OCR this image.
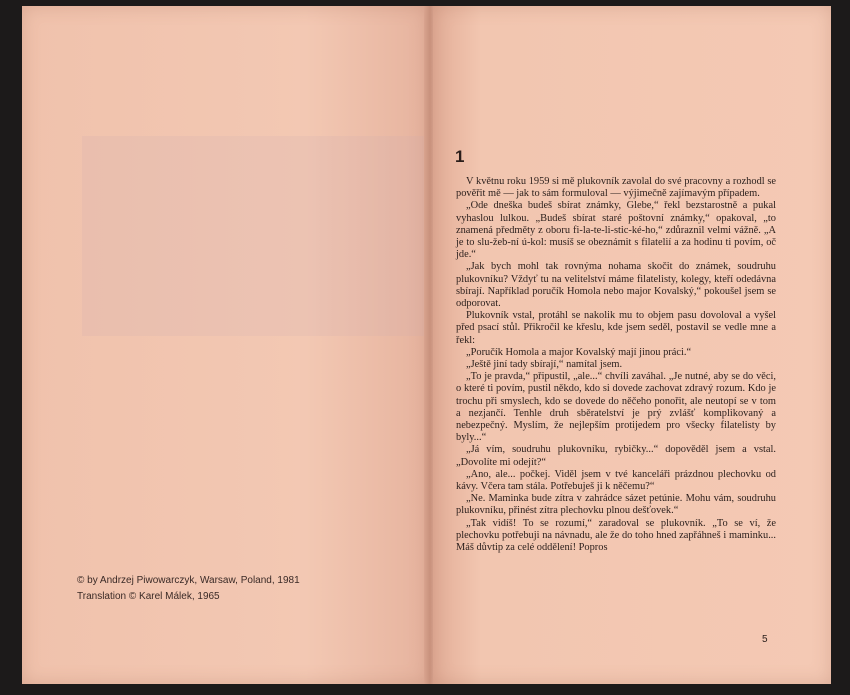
© by Andrzej Piwowarczyk, Warsaw, Poland, 1981
Translation © Karel Málek, 1965
1

V květnu roku 1959 si mě plukovník zavolal do své pracovny a rozhodl se pověřit mě — jak to sám formuloval — výjimečně zajímavým případem.

„Ode dneška budeš sbírat známky, Glebe,“ řekl bezstarostně a pukal vyhaslou lulkou. „Budeš sbírat staré poštovní známky,“ opakoval, „to znamená předměty z oboru fi-la-te-li-stic-ké-ho,“ zdůraznil velmi vážně. „A je to slu-žeb-ní ú-kol: musíš se obeznámit s filatelií a za hodinu ti povím, oč jde.“

„Jak bych mohl tak rovnýma nohama skočit do známek, soudruhu plukovníku? Vždyť tu na velitelství máme filatelisty, kolegy, kteří odedávna sbírají. Například poručík Homola nebo major Kovalský,“ pokoušel jsem se odporovat.

Plukovník vstal, protáhl se nakolik mu to objem pasu dovoloval a vyšel před psací stůl. Přikročil ke křeslu, kde jsem seděl, postavil se vedle mne a řekl:

„Poručík Homola a major Kovalský mají jinou práci.“

„Ještě jiní tady sbírají,“ namítal jsem.

„To je pravda,“ připustil, „ale...“ chvíli zaváhal. „Je nutné, aby se do věci, o které ti povím, pustil někdo, kdo si dovede zachovat zdravý rozum. Kdo je trochu při smyslech, kdo se dovede do něčeho ponořit, ale neutopí se v tom a nezjančí. Tenhle druh sběratelství je prý zvlášť komplikovaný a nebezpečný. Myslím, že nejlepším protijedem pro všecky filatelisty by byly...“

„Já vím, soudruhu plukovníku, rybičky...“ dopověděl jsem a vstal. „Dovolíte mi odejít?“

„Ano, ale... počkej. Viděl jsem v tvé kanceláři prázdnou plechovku od kávy. Včera tam stála. Potřebuješ ji k něčemu?“

„Ne. Maminka bude zítra v zahrádce sázet petúnie. Mohu vám, soudruhu plukovníku, přinést zítra plechovku plnou dešťovek.“

„Tak vidíš! To se rozumí,“ zaradoval se plukovník. „To se ví, že plechovku potřebuji na návnadu, ale že do toho hned zapřáhneš i maminku... Máš důvtip za celé oddělení! Popros

5
